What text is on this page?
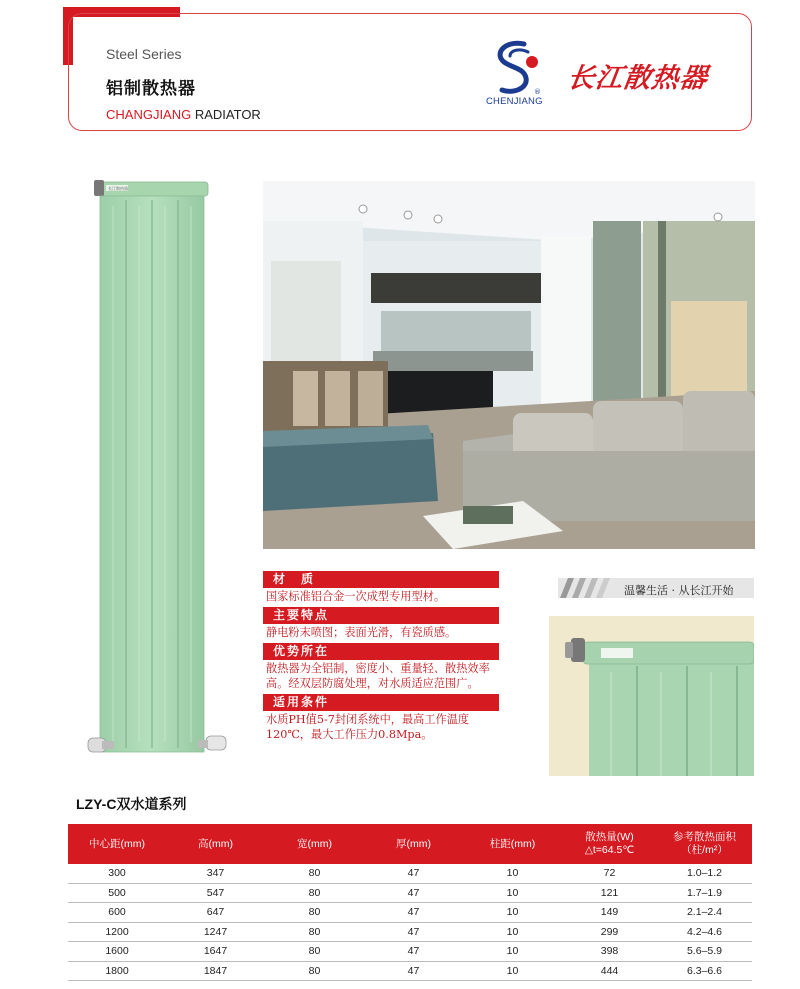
Steel Series
铝制散热器
CHANGJIANG RADIATOR
®
CHENJIANG
长江散热器
长江散热器
材　质
国家标准铝合金一次成型专用型材。
主要特点
静电粉末喷图；表面光滑，有瓷质感。
优势所在
散热器为全铝制，密度小、重量轻、散热效率高。经双层防腐处理，对水质适应范围广。
适用条件
水质PH值5-7封闭系统中，最高工作温度120℃，最大工作压力0.8Mpa。
温馨生活 · 从长江开始
LZY-C双水道系列
中心距(mm)	高(mm)	宽(mm)	厚(mm)	柱距(mm)	散热量(W)
△t=64.5℃	参考散热面积
（柱/m²）
300	347	80	47	10	72	1.0–1.2
500	547	80	47	10	121	1.7–1.9
600	647	80	47	10	149	2.1–2.4
1200	1247	80	47	10	299	4.2–4.6
1600	1647	80	47	10	398	5.6–5.9
1800	1847	80	47	10	444	6.3–6.6
